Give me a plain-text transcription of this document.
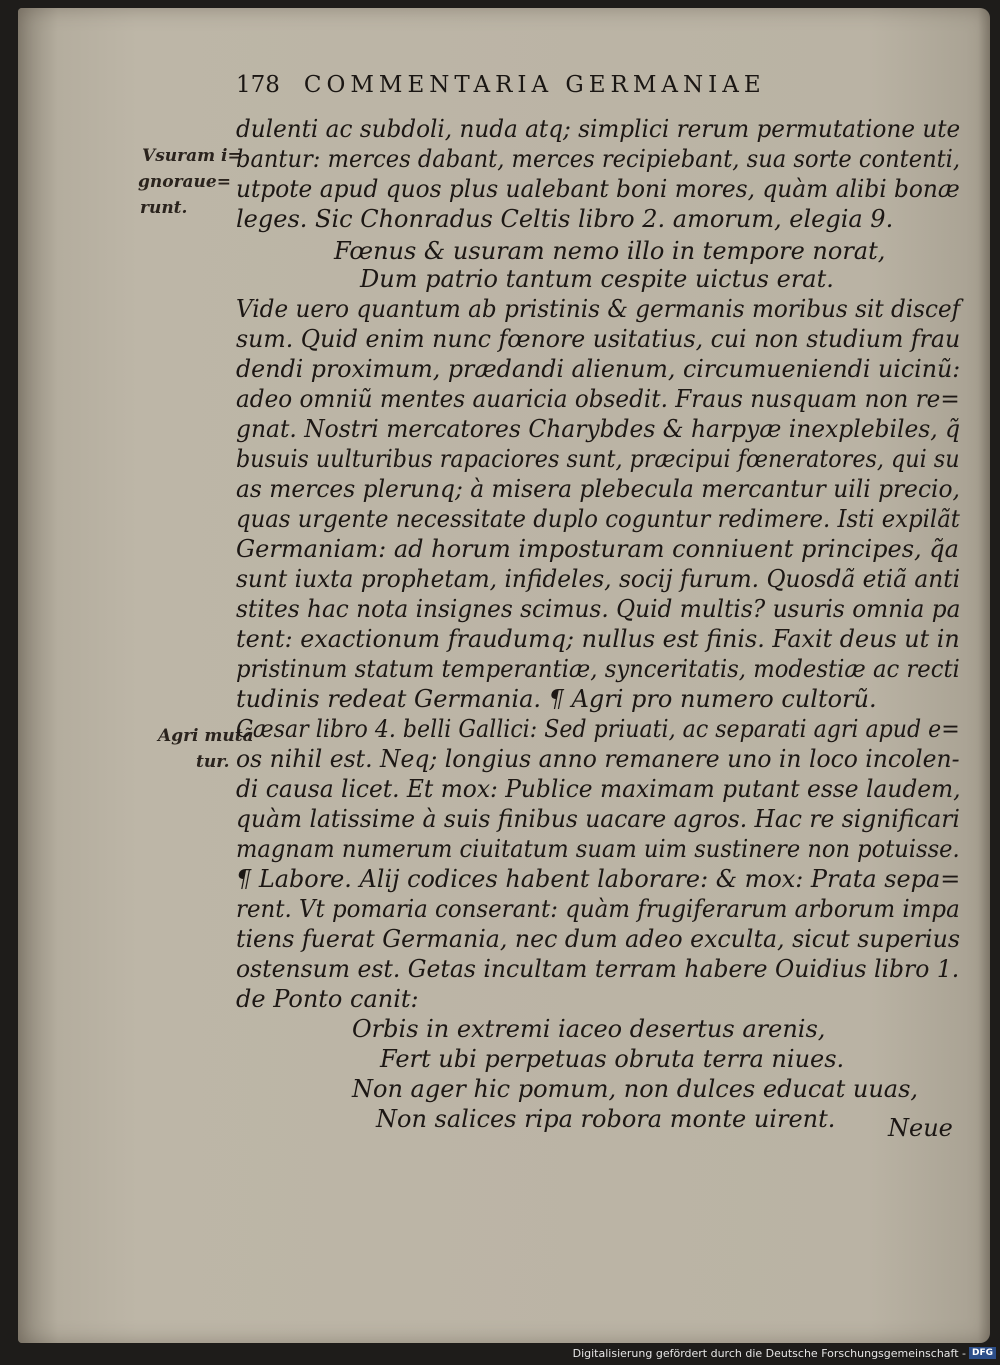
178 COMMENTARIA GERMANIAE
Vsuram i=
gnoraue=
runt.
Agri mutã
tur.
dulenti ac subdoli, nuda atq; simplici rerum permutatione ute
bantur: merces dabant, merces recipiebant, sua sorte contenti,
utpote apud quos plus ualebant boni mores, quàm alibi bonæ
leges. Sic Chonradus Celtis libro 2. amorum, elegia 9.
Fœnus & usuram nemo illo in tempore norat,
Dum patrio tantum cespite uictus erat.
Vide uero quantum ab pristinis & germanis moribus sit discef
sum. Quid enim nunc fœnore usitatius, cui non studium frau
dendi proximum, prædandi alienum, circumueniendi uicinũ:
adeo omniũ mentes auaricia obsedit. Fraus nusquam non re=
gnat. Nostri mercatores Charybdes & harpyæ inexplebiles, q̃
busuis uulturibus rapaciores sunt, præcipui fœneratores, qui su
as merces plerunq; à misera plebecula mercantur uili precio,
quas urgente necessitate duplo coguntur redimere. Isti expilãt
Germaniam: ad horum imposturam conniuent principes, q̃a
sunt iuxta prophetam, infideles, socij furum. Quosdã etiã anti
stites hac nota insignes scimus. Quid multis? usuris omnia pa
tent: exactionum fraudumq; nullus est finis. Faxit deus ut in
pristinum statum temperantiæ, synceritatis, modestiæ ac recti
tudinis redeat Germania. ¶ Agri pro numero cultorũ.
Cæsar libro 4. belli Gallici: Sed priuati, ac separati agri apud e=
os nihil est. Neq; longius anno remanere uno in loco incolen-
di causa licet. Et mox: Publice maximam putant esse laudem,
quàm latissime à suis finibus uacare agros. Hac re significari
magnam numerum ciuitatum suam uim sustinere non potuisse.
¶ Labore. Alij codices habent laborare: & mox: Prata sepa=
rent. Vt pomaria conserant: quàm frugiferarum arborum impa
tiens fuerat Germania, nec dum adeo exculta, sicut superius
ostensum est. Getas incultam terram habere Ouidius libro 1.
de Ponto canit:
Orbis in extremi iaceo desertus arenis,
Fert ubi perpetuas obruta terra niues.
Non ager hic pomum, non dulces educat uuas,
Non salices ripa robora monte uirent. Neue
Digitalisierung gefördert durch die Deutsche Forschungsgemeinschaft - DFG
